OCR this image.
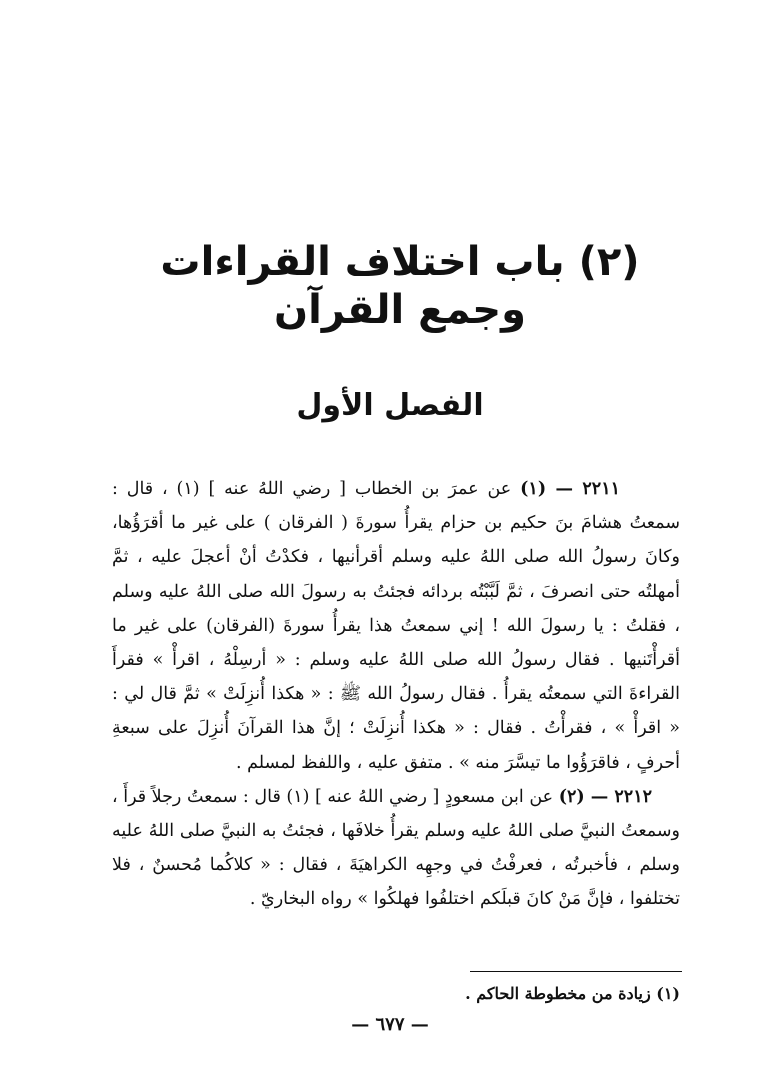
(٢) باب اختلاف القراءات وجمع القرآن
الفصل الأول

٢٢١١ — (١) عن عمرَ بن الخطاب [ رضي اللهُ عنه ] (١) ، قال : سمعتُ هشامَ بنَ حكيم بن حزام يقرأُ سورةَ ( الفرقان ) على غير ما أقرَؤُها، وكانَ رسولُ الله صلى اللهُ عليه وسلم أقرأنيها ، فكدْتُ أنْ أعجلَ عليه ، ثمَّ أمهلتُه حتى انصرفَ ، ثمَّ لَبَّبْتُه بردائه فجئتُ به رسولَ الله صلى اللهُ عليه وسلم ، فقلتُ : يا رسولَ الله ! إني سمعتُ هذا يقرأُ سورةَ (الفرقان) على غير ما أقرأْتَنيها . فقال رسولُ الله صلى اللهُ عليه وسلم : « أرسِلْهُ ، اقرأْ » فقرأَ القراءةَ التي سمعتُه يقرأُ . فقال رسولُ الله ﷺ : « هكذا أُنزِلَتْ » ثمَّ قال لي : « اقرأْ » ، فقرأْتُ . فقال : « هكذا أُنزِلَتْ ؛ إنَّ هذا القرآنَ أُنزِلَ على سبعةِ أحرفٍ ، فاقرَؤُوا ما تيسَّرَ منه » . متفق عليه ، واللفظ لمسلم .

٢٢١٢ — (٢) عن ابن مسعودٍ [ رضي اللهُ عنه ] (١) قال : سمعتُ رجلاً قرأَ ، وسمعتُ النبيَّ صلى اللهُ عليه وسلم يقرأُ خلافَها ، فجئتُ به النبيَّ صلى اللهُ عليه وسلم ، فأخبرتُه ، فعرفْتُ في وجهِه الكراهيَةَ ، فقال : « كلاكُما مُحسنٌ ، فلا تختلفوا ، فإنَّ مَنْ كانَ قبلَكم اختلفُوا فهلكُوا » رواه البخاريّ .

(١) زيادة من مخطوطة الحاكم .
— ٦٧٧ —
